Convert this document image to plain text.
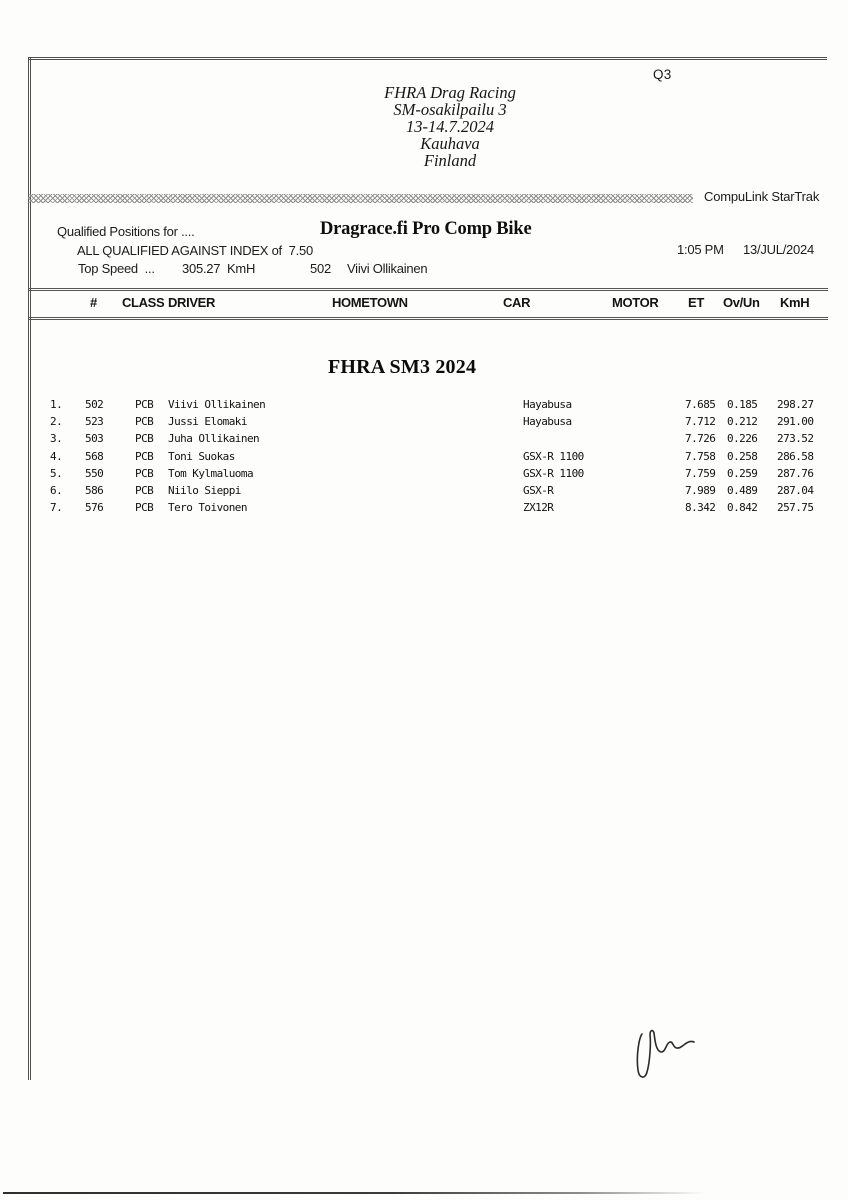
Q3
FHRA Drag Racing
SM-osakilpailu 3
13-14.7.2024
Kauhava
Finland
CompuLink StarTrak
Qualified Positions for ....	Dragrace.fi Pro Comp Bike
ALL QUALIFIED AGAINST INDEX of  7.50	1:05 PM 13/JUL/2024
Top Speed  ... 305.27  KmH	502 Viivi Ollikainen
# CLASS DRIVER	HOMETOWN	CAR	MOTOR ET Ov/Un KmH
FHRA SM3 2024
1. 502	PCB Viivi Ollikainen	Hayabusa	7.685 0.185 298.27
2. 523	PCB Jussi Elomaki	Hayabusa	7.712 0.212 291.00
3. 503	PCB Juha Ollikainen	7.726 0.226 273.52
4. 568	PCB Toni Suokas	GSX-R 1100	7.758 0.258 286.58
5. 550	PCB Tom Kylmaluoma	GSX-R 1100	7.759 0.259 287.76
6. 586	PCB Niilo Sieppi	GSX-R	7.989 0.489 287.04
7. 576	PCB Tero Toivonen	ZX12R	8.342 0.842 257.75
